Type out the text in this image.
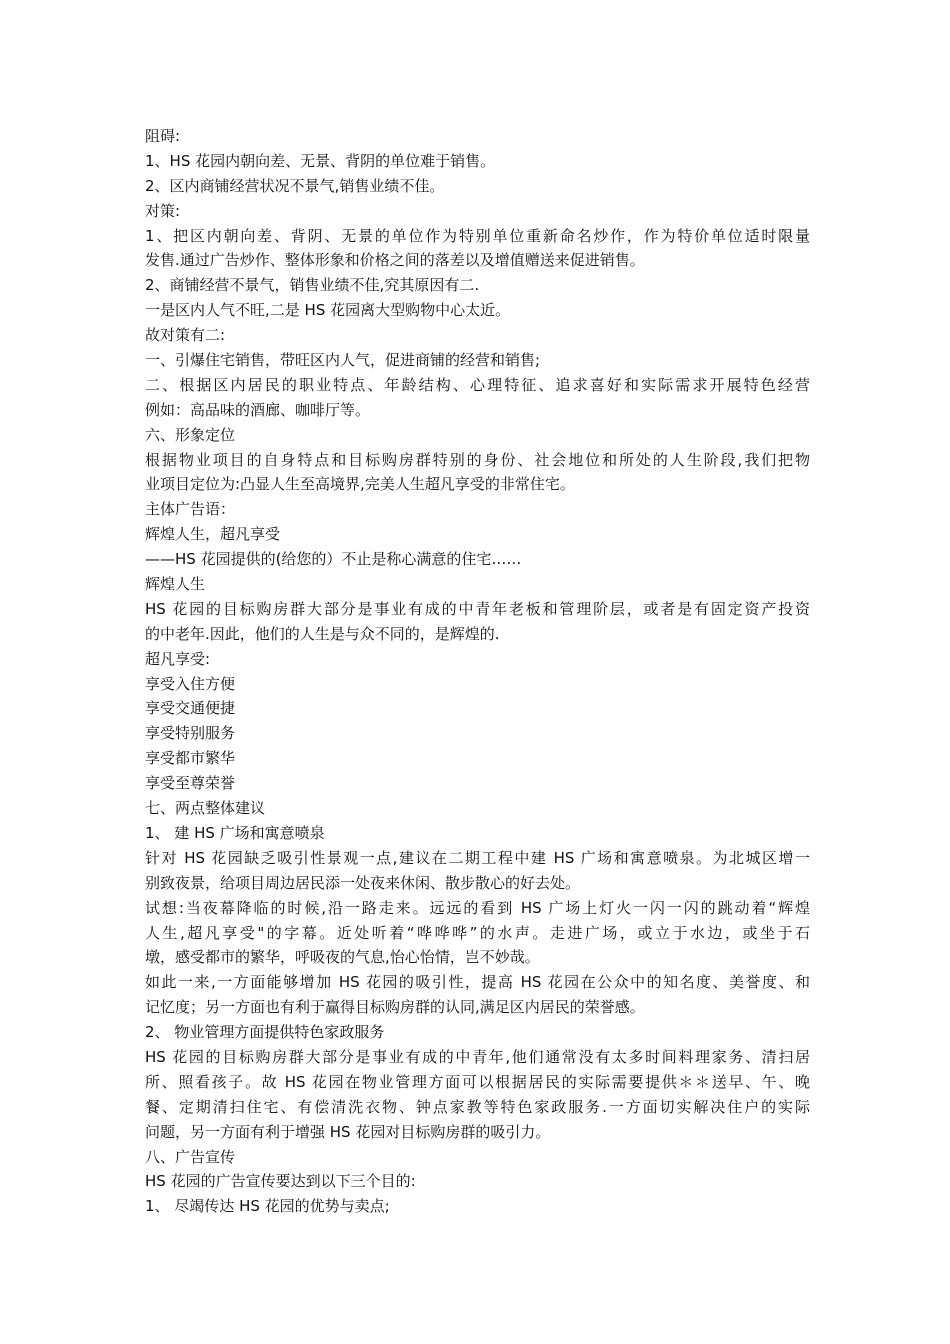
阻碍:
1、HS 花园内朝向差、无景、背阴的单位难于销售。
2、区内商铺经营状况不景气,销售业绩不佳。
对策:
1、把区内朝向差、背阴、无景的单位作为特别单位重新命名炒作，作为特价单位适时限量
发售.通过广告炒作、整体形象和价格之间的落差以及增值赠送来促进销售。
2、商铺经营不景气，销售业绩不佳,究其原因有二.
一是区内人气不旺,二是 HS 花园离大型购物中心太近。
故对策有二:
一、引爆住宅销售，带旺区内人气，促进商铺的经营和销售;
二、根据区内居民的职业特点、年龄结构、心理特征、追求喜好和实际需求开展特色经营
例如：高品味的酒廊、咖啡厅等。
六、形象定位
根据物业项目的自身特点和目标购房群特别的身份、社会地位和所处的人生阶段,我们把物
业项目定位为:凸显人生至高境界,完美人生超凡享受的非常住宅。
主体广告语：
辉煌人生，超凡享受
——HS 花园提供的(给您的）不止是称心满意的住宅……
辉煌人生
HS 花园的目标购房群大部分是事业有成的中青年老板和管理阶层，或者是有固定资产投资
的中老年.因此，他们的人生是与众不同的，是辉煌的.
超凡享受:
享受入住方便
享受交通便捷
享受特别服务
享受都市繁华
享受至尊荣誉
七、两点整体建议
1、 建 HS 广场和寓意喷泉
针对 HS 花园缺乏吸引性景观一点,建议在二期工程中建 HS 广场和寓意喷泉。为北城区增一
别致夜景，给项目周边居民添一处夜来休闲、散步散心的好去处。
试想:当夜幕降临的时候,沿一路走来。远远的看到 HS 广场上灯火一闪一闪的跳动着“辉煌
人生,超凡享受"的字幕。近处听着“哗哗哗”的水声。走进广场，或立于水边，或坐于石
墩，感受都市的繁华，呼吸夜的气息,怡心怡情，岂不妙哉。
如此一来,一方面能够增加 HS 花园的吸引性，提高 HS 花园在公众中的知名度、美誉度、和
记忆度；另一方面也有利于赢得目标购房群的认同,满足区内居民的荣誉感。
2、 物业管理方面提供特色家政服务
HS 花园的目标购房群大部分是事业有成的中青年,他们通常没有太多时间料理家务、清扫居
所、照看孩子。故 HS 花园在物业管理方面可以根据居民的实际需要提供＊＊送早、午、晚
餐、定期清扫住宅、有偿清洗衣物、钟点家教等特色家政服务.一方面切实解决住户的实际
问题，另一方面有利于增强 HS 花园对目标购房群的吸引力。
八、广告宣传
HS 花园的广告宣传要达到以下三个目的:
1、 尽竭传达 HS 花园的优势与卖点;
